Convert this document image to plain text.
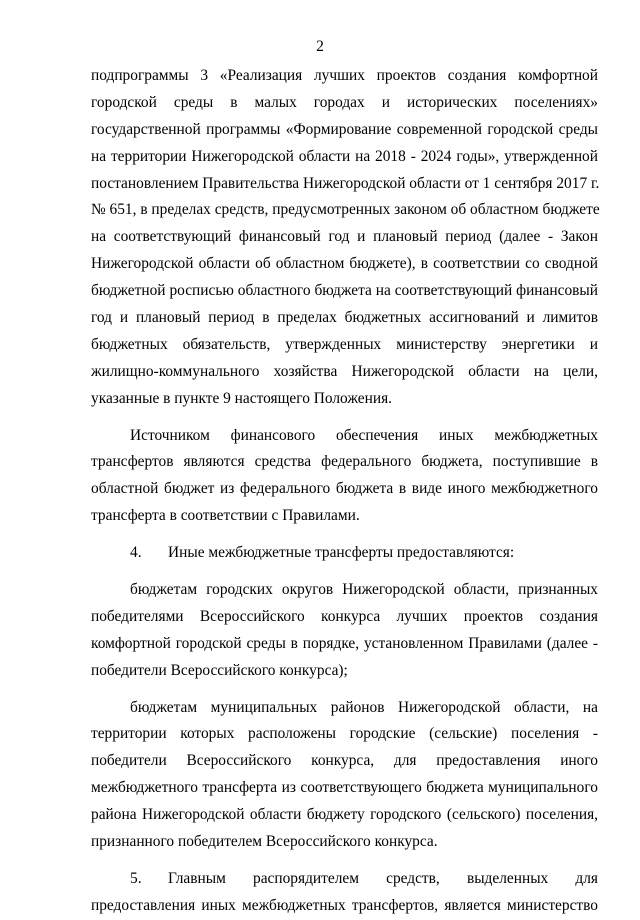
2
подпрограммы 3 «Реализация лучших проектов создания комфортной
городской среды в малых городах и исторических поселениях»
государственной программы «Формирование современной городской среды
на территории Нижегородской области на 2018 - 2024 годы», утвержденной
постановлением Правительства Нижегородской области от 1 сентября 2017 г.
№ 651, в пределах средств, предусмотренных законом об областном бюджете
на соответствующий финансовый год и плановый период (далее - Закон
Нижегородской области об областном бюджете), в соответствии со сводной
бюджетной росписью областного бюджета на соответствующий финансовый
год и плановый период в пределах бюджетных ассигнований и лимитов
бюджетных обязательств, утвержденных министерству энергетики и
жилищно-коммунального хозяйства Нижегородской области на цели,
указанные в пункте 9 настоящего Положения.
Источником финансового обеспечения иных межбюджетных
трансфертов являются средства федерального бюджета, поступившие в
областной бюджет из федерального бюджета в виде иного межбюджетного
трансферта в соответствии с Правилами.
4. Иные межбюджетные трансферты предоставляются:
бюджетам городских округов Нижегородской области, признанных
победителями Всероссийского конкурса лучших проектов создания
комфортной городской среды в порядке, установленном Правилами (далее -
победители Всероссийского конкурса);
бюджетам муниципальных районов Нижегородской области, на
территории которых расположены городские (сельские) поселения -
победители Всероссийского конкурса, для предоставления иного
межбюджетного трансферта из соответствующего бюджета муниципального
района Нижегородской области бюджету городского (сельского) поселения,
признанного победителем Всероссийского конкурса.
5. Главным распорядителем средств, выделенных для
предоставления иных межбюджетных трансфертов, является министерство
